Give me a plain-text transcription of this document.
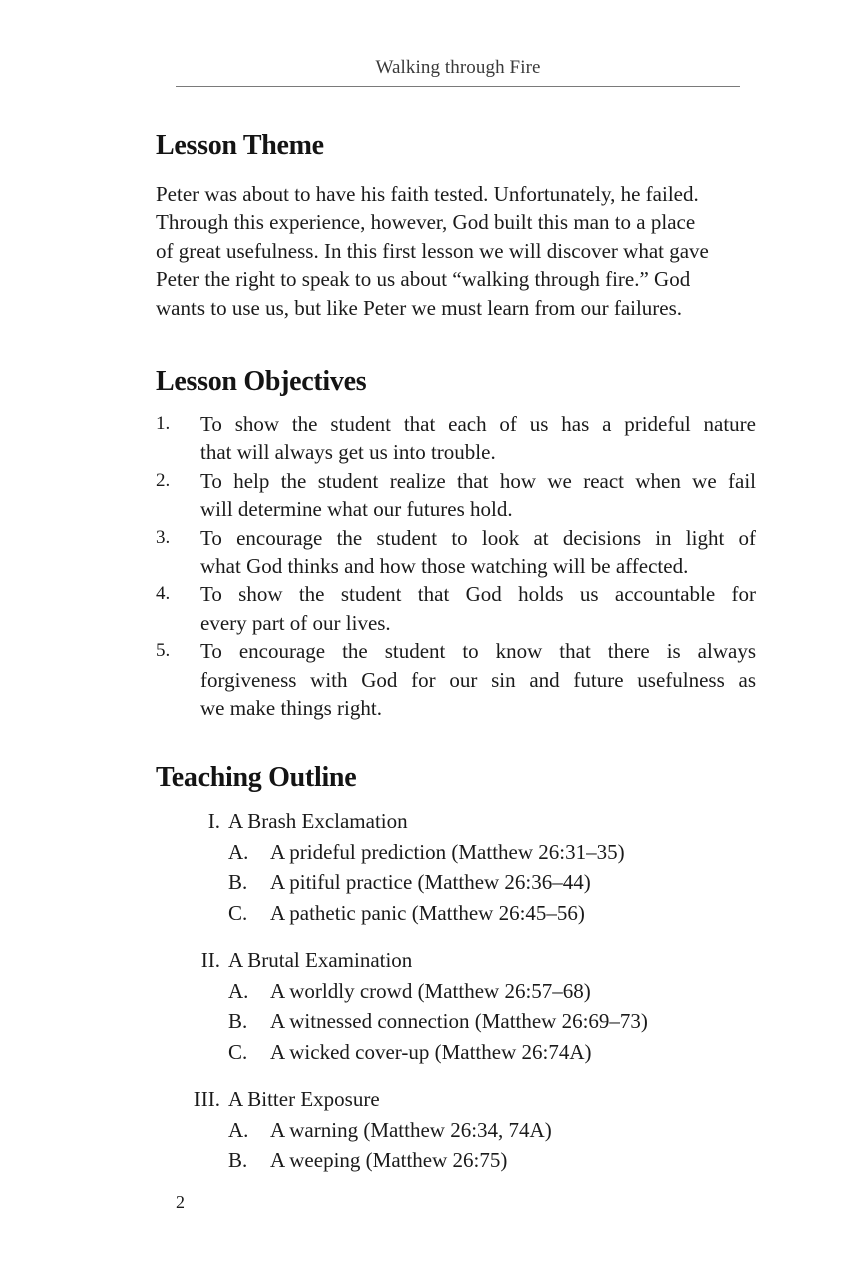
Walking through Fire
Lesson Theme

Peter was about to have his faith tested. Unfortunately, he failed.
Through this experience, however, God built this man to a place
of great usefulness. In this first lesson we will discover what gave
Peter the right to speak to us about “walking through fire.” God
wants to use us, but like Peter we must learn from our failures.

Lesson Objectives
1. To show the student that each of us has a prideful nature
that will always get us into trouble.
2. To help the student realize that how we react when we fail
will determine what our futures hold.
3. To encourage the student to look at decisions in light of
what God thinks and how those watching will be affected.
4. To show the student that God holds us accountable for
every part of our lives.
5. To encourage the student to know that there is always
forgiveness with God for our sin and future usefulness as
we make things right.
Teaching Outline
I. A Brash Exclamation
A. A prideful prediction (Matthew 26:31–35)
B. A pitiful practice (Matthew 26:36–44)
C. A pathetic panic (Matthew 26:45–56)
II. A Brutal Examination
A. A worldly crowd (Matthew 26:57–68)
B. A witnessed connection (Matthew 26:69–73)
C. A wicked cover-up (Matthew 26:74A)
III. A Bitter Exposure
A. A warning (Matthew 26:34, 74A)
B. A weeping (Matthew 26:75)
2
